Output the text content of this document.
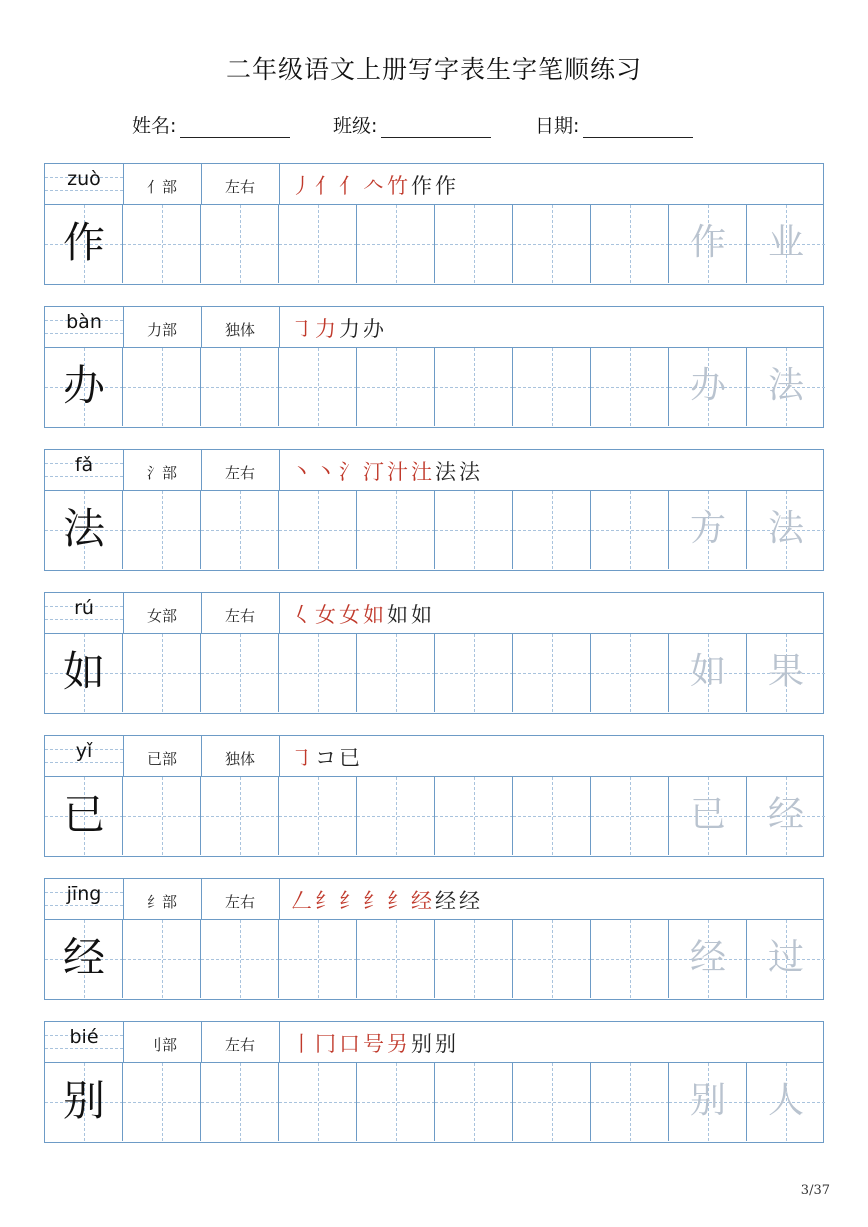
二年级语文上册写字表生字笔顺练习
姓名:	班级:	日期:
zuò	亻部	左右	丿亻亻𠆢竹作作
作	作	业
bàn	力部	独体	㇆力力办
办	办	法
fǎ	氵部	左右	丶丶氵汀汁汢法法
法	方	法
rú	女部	左右	𡿨女女如如如
如	如	果
yǐ	已部	独体	㇆コ已
已	已	经
jīng	纟部	左右	𠃋纟纟纟纟经经经
经	经	过
bié	刂部	左右	丨冂口号另别别
别	别	人
3/37
